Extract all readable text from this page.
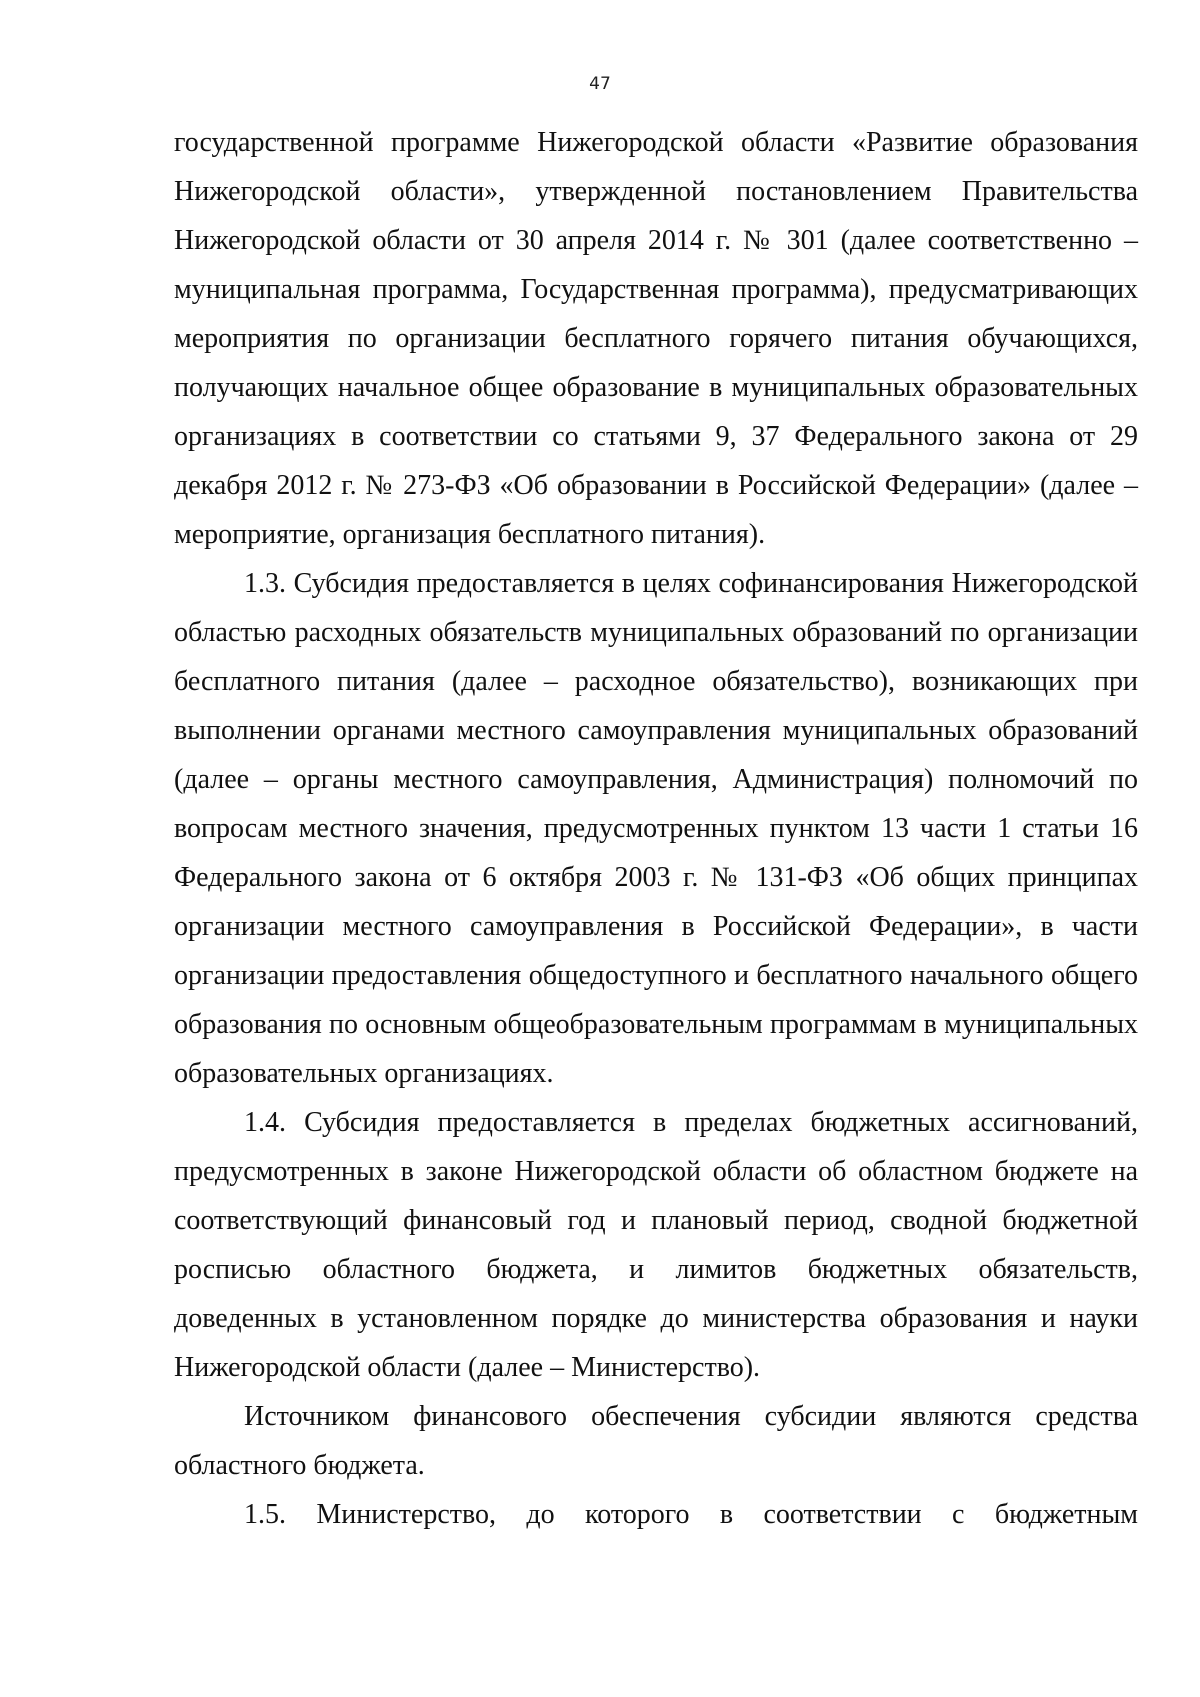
47

государственной программе Нижегородской области «Развитие образования Нижегородской области», утвержденной постановлением Правительства Нижегородской области от 30 апреля 2014 г. № 301 (далее соответственно – муниципальная программа, Государственная программа), предусматривающих мероприятия по организации бесплатного горячего питания обучающихся, получающих начальное общее образование в муниципальных образовательных организациях в соответствии со статьями 9, 37 Федерального закона от 29 декабря 2012 г. № 273-ФЗ «Об образовании в Российской Федерации» (далее – мероприятие, организация бесплатного питания).

1.3. Субсидия предоставляется в целях софинансирования Нижегородской областью расходных обязательств муниципальных образований по организации бесплатного питания (далее – расходное обязательство), возникающих при выполнении органами местного самоуправления муниципальных образований (далее – органы местного самоуправления, Администрация) полномочий по вопросам местного значения, предусмотренных пунктом 13 части 1 статьи 16 Федерального закона от 6 октября 2003 г. № 131-ФЗ «Об общих принципах организации местного самоуправления в Российской Федерации», в части организации предоставления общедоступного и бесплатного начального общего образования по основным общеобразовательным программам в муниципальных образовательных организациях.

1.4. Субсидия предоставляется в пределах бюджетных ассигнований, предусмотренных в законе Нижегородской области об областном бюджете на соответствующий финансовый год и плановый период, сводной бюджетной росписью областного бюджета, и лимитов бюджетных обязательств, доведенных в установленном порядке до министерства образования и науки Нижегородской области (далее – Министерство).

Источником финансового обеспечения субсидии являются средства областного бюджета.

1.5. Министерство, до которого в соответствии с бюджетным
